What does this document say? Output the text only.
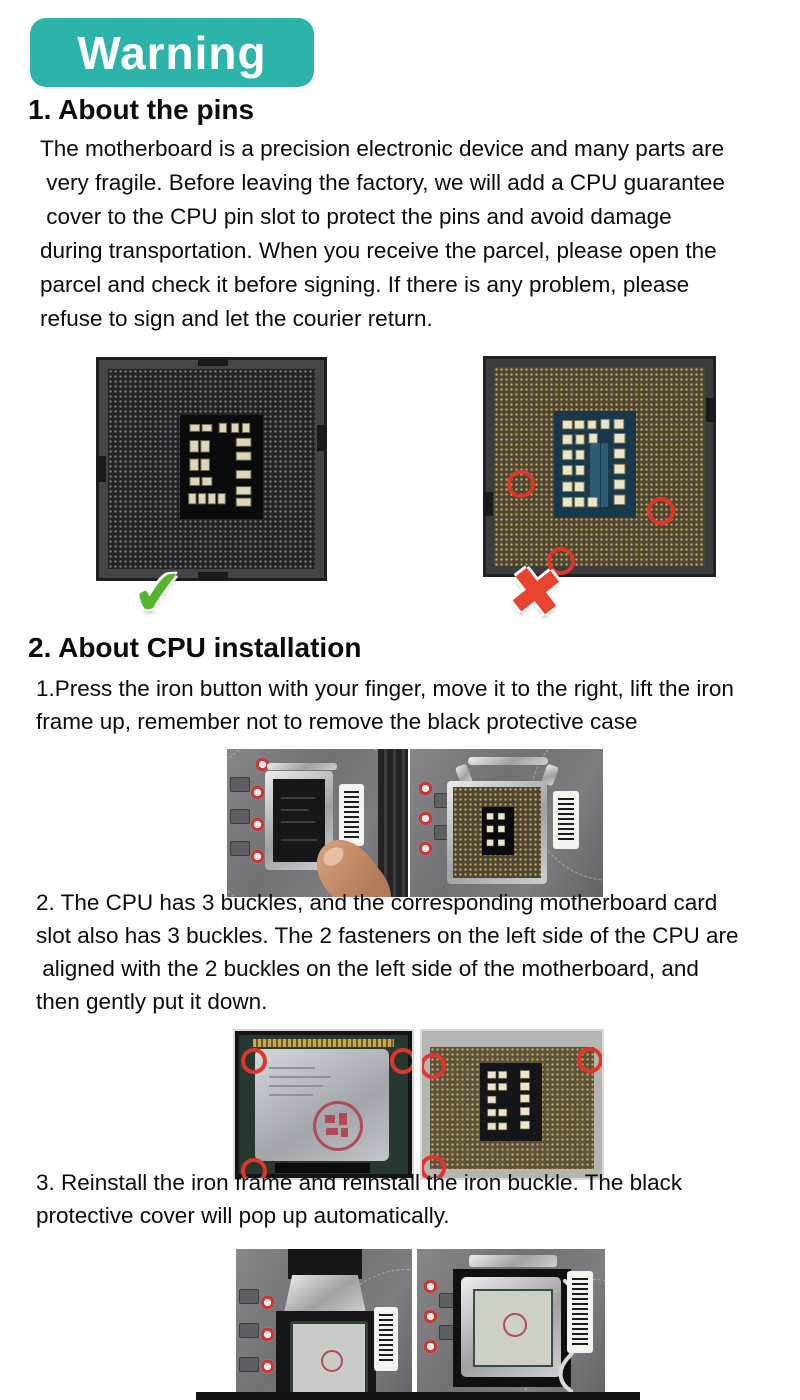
Warning
1. About the pins

The motherboard is a precision electronic device and many parts are
very fragile. Before leaving the factory, we will add a CPU guarantee
cover to the CPU pin slot to protect the pins and avoid damage
during transportation. When you receive the parcel, please open the
parcel and check it before signing. If there is any problem, please
refuse to sign and let the courier return.

✔	✖
2. About CPU installation

1.Press the iron button with your finger, move it to the right, lift the iron
frame up, remember not to remove the black protective case

2. The CPU has 3 buckles, and the corresponding motherboard card
slot also has 3 buckles. The 2 fasteners on the left side of the CPU are
aligned with the 2 buckles on the left side of the motherboard, and
then gently put it down.

3. Reinstall the iron frame and reinstall the iron buckle. The black
protective cover will pop up automatically.
